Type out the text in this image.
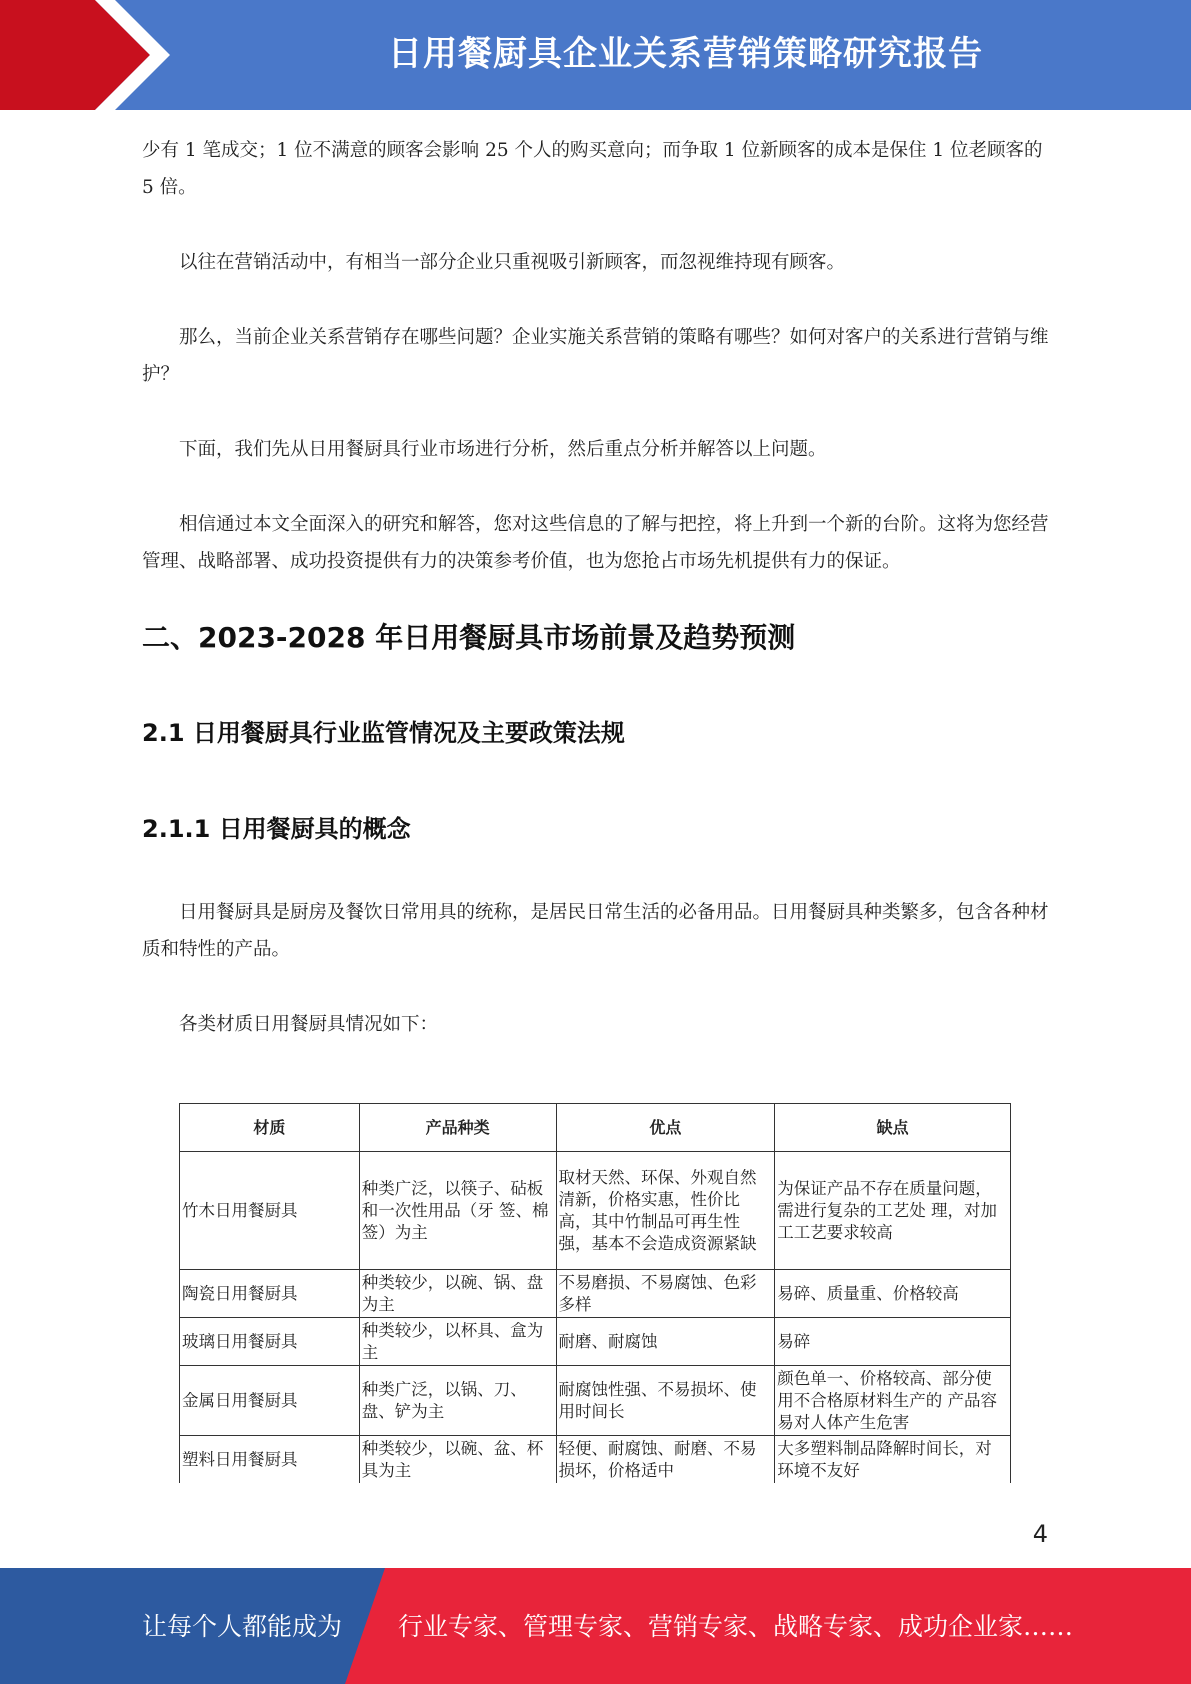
日用餐厨具企业关系营销策略研究报告

少有 1 笔成交；1 位不满意的顾客会影响 25 个人的购买意向；而争取 1 位新顾客的成本是保住 1 位老顾客的 5 倍。

以往在营销活动中，有相当一部分企业只重视吸引新顾客，而忽视维持现有顾客。

那么，当前企业关系营销存在哪些问题？企业实施关系营销的策略有哪些？如何对客户的关系进行营销与维护？

下面，我们先从日用餐厨具行业市场进行分析，然后重点分析并解答以上问题。

相信通过本文全面深入的研究和解答，您对这些信息的了解与把控，将上升到一个新的台阶。这将为您经营管理、战略部署、成功投资提供有力的决策参考价值，也为您抢占市场先机提供有力的保证。

二、2023-2028 年日用餐厨具市场前景及趋势预测
2.1 日用餐厨具行业监管情况及主要政策法规
2.1.1 日用餐厨具的概念

日用餐厨具是厨房及餐饮日常用具的统称，是居民日常生活的必备用品。日用餐厨具种类繁多，包含各种材质和特性的产品。

各类材质日用餐厨具情况如下：

材质	产品种类	优点	缺点
竹木日用餐厨具	种类广泛，以筷子、砧板和一次性用品（牙 签、棉签）为主	取材天然、环保、外观自然清新，价格实惠，性价比高，其中竹制品可再生性强，基本不会造成资源紧缺	为保证产品不存在质量问题，需进行复杂的工艺处 理，对加工工艺要求较高
陶瓷日用餐厨具	种类较少，以碗、锅、盘为主	不易磨损、不易腐蚀、色彩多样	易碎、质量重、价格较高
玻璃日用餐厨具	种类较少，以杯具、盒为主	耐磨、耐腐蚀	易碎
金属日用餐厨具	种类广泛，以锅、刀、盘、铲为主	耐腐蚀性强、不易损坏、使用时间长	颜色单一、价格较高、部分使用不合格原材料生产的 产品容易对人体产生危害
塑料日用餐厨具	种类较少，以碗、盆、杯具为主	轻便、耐腐蚀、耐磨、不易损坏，价格适中	大多塑料制品降解时间长，对环境不友好
4
让每个人都能成为 行业专家、管理专家、营销专家、战略专家、成功企业家……
